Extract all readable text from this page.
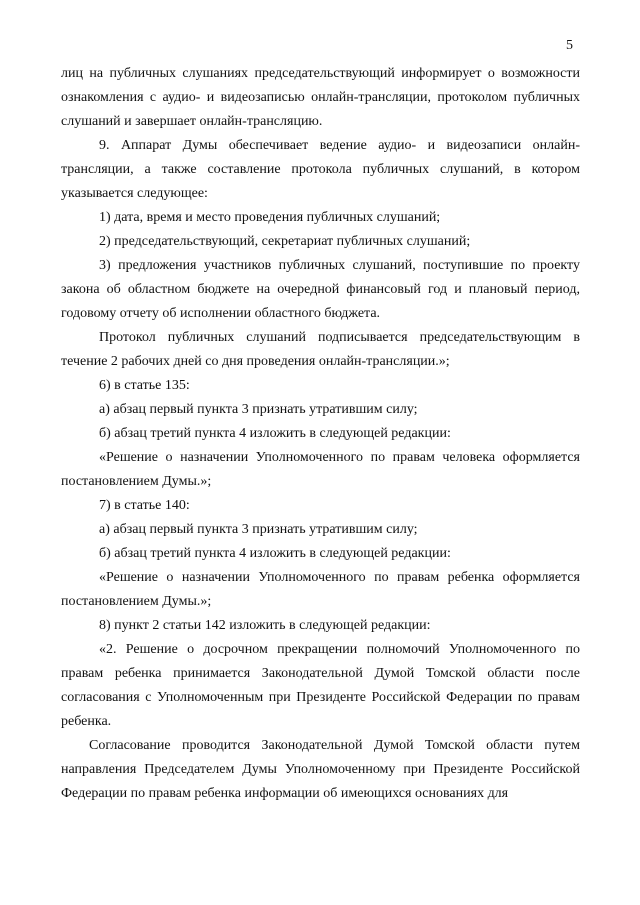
5

лиц на публичных слушаниях председательствующий информирует о возможности ознакомления с аудио- и видеозаписью онлайн-трансляции, протоколом публичных слушаний и завершает онлайн-трансляцию.

9. Аппарат Думы обеспечивает ведение аудио- и видеозаписи онлайн-трансляции, а также составление протокола публичных слушаний, в котором указывается следующее:

1) дата, время и место проведения публичных слушаний;

2) председательствующий, секретариат публичных слушаний;

3) предложения участников публичных слушаний, поступившие по проекту закона об областном бюджете на очередной финансовый год и плановый период, годовому отчету об исполнении областного бюджета.

Протокол публичных слушаний подписывается председательствующим в течение 2 рабочих дней со дня проведения онлайн-трансляции.»;

6) в статье 135:

а) абзац первый пункта 3 признать утратившим силу;

б) абзац третий пункта 4 изложить в следующей редакции:

«Решение о назначении Уполномоченного по правам человека оформляется постановлением Думы.»;

7) в статье 140:

а) абзац первый пункта 3 признать утратившим силу;

б) абзац третий пункта 4 изложить в следующей редакции:

«Решение о назначении Уполномоченного по правам ребенка оформляется постановлением Думы.»;

8) пункт 2 статьи 142 изложить в следующей редакции:

«2. Решение о досрочном прекращении полномочий Уполномоченного по правам ребенка принимается Законодательной Думой Томской области после согласования с Уполномоченным при Президенте Российской Федерации по правам ребенка.

Согласование проводится Законодательной Думой Томской области путем направления Председателем Думы Уполномоченному при Президенте Российской Федерации по правам ребенка информации об имеющихся основаниях для
